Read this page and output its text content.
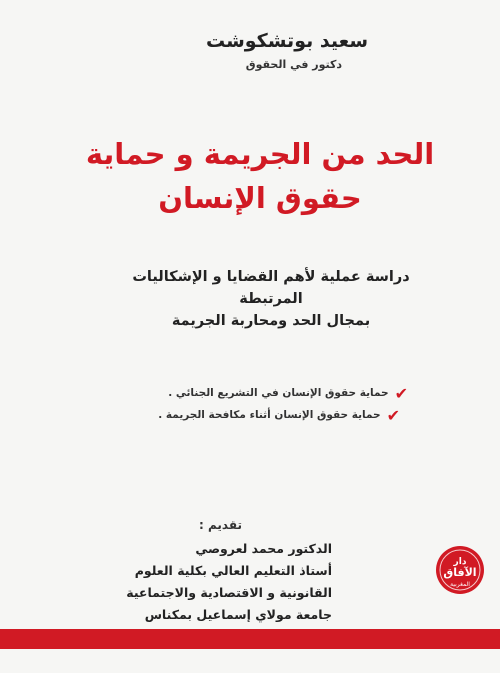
سعيد بوتشكوشت
دكتور في الحقوق
الحد من الجريمة و حماية
حقوق الإنسان
دراسة عملية لأهم القضايا و الإشكاليات المرتبطة
بمجال الحد ومحاربة الجريمة
✔
حماية حقوق الإنسان في التشريع الجنائي .
✔
حماية حقوق الإنسان أثناء مكافحة الجريمة .
تقديم :
الدكتور محمد لعروصي
أستاذ التعليم العالي بكلية العلوم
القانونية و الاقتصادية والاجتماعية
جامعة مولاي إسماعيل بمكناس
دار
الآفاق
المغربية
